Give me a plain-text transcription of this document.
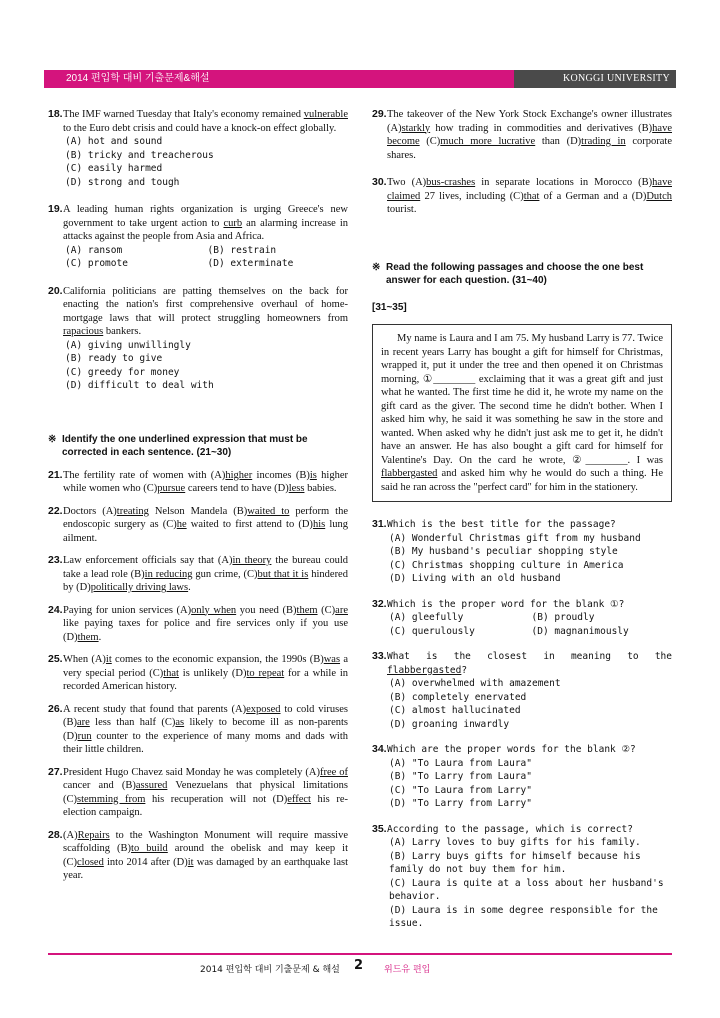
2014 편입학 대비 기출문제&해설	KONGGI UNIVERSITY
18. The IMF warned Tuesday that Italy's economy remained vulnerable to the Euro debt crisis and could have a knock-on effect globally.
(A) hot and sound
(B) tricky and treacherous
(C) easily harmed
(D) strong and tough
19. A leading human rights organization is urging Greece's new government to take urgent action to curb an alarming increase in attacks against the people from Asia and Africa.
(A) ransom	(B) restrain
(C) promote	(D) exterminate
20. California politicians are patting themselves on the back for enacting the nation's first comprehensive overhaul of home-mortgage laws that will protect struggling homeowners from rapacious bankers.
(A) giving unwillingly
(B) ready to give
(C) greedy for money
(D) difficult to deal with
※ Identify the one underlined expression that must be corrected in each sentence. (21~30)
21. The fertility rate of women with (A)higher incomes (B)is higher while women who (C)pursue careers tend to have (D)less babies.
22. Doctors (A)treating Nelson Mandela (B)waited to perform the endoscopic surgery as (C)he waited to first attend to (D)his lung ailment.
23. Law enforcement officials say that (A)in theory the bureau could take a lead role (B)in reducing gun crime, (C)but that it is hindered by (D)politically driving laws.
24. Paying for union services (A)only when you need (B)them (C)are like paying taxes for police and fire services only if you use (D)them.
25. When (A)it comes to the economic expansion, the 1990s (B)was a very special period (C)that is unlikely (D)to repeat for a while in recorded American history.
26. A recent study that found that parents (A)exposed to cold viruses (B)are less than half (C)as likely to become ill as non-parents (D)run counter to the experience of many moms and dads with their little children.
27. President Hugo Chavez said Monday he was completely (A)free of cancer and (B)assured Venezuelans that physical limitations (C)stemming from his recuperation will not (D)effect his re-election campaign.
28. (A)Repairs to the Washington Monument will require massive scaffolding (B)to build around the obelisk and may keep it (C)closed into 2014 after (D)it was damaged by an earthquake last year.
29. The takeover of the New York Stock Exchange's owner illustrates (A)starkly how trading in commodities and derivatives (B)have become (C)much more lucrative than (D)trading in corporate shares.
30. Two (A)bus-crashes in separate locations in Morocco (B)have claimed 27 lives, including (C)that of a German and a (D)Dutch tourist.
※ Read the following passages and choose the one best answer for each question. (31~40)
[31~35]

My name is Laura and I am 75. My husband Larry is 77. Twice in recent years Larry has bought a gift for himself for Christmas, wrapped it, put it under the tree and then opened it on Christmas morning, ①________ exclaiming that it was a great gift and just what he wanted. The first time he did it, he wrote my name on the gift card as the giver. The second time he didn't bother. When I asked him why, he said it was something he saw in the store and wanted. When asked why he didn't just ask me to get it, he didn't have an answer. He has also bought a gift card for himself for Valentine's Day. On the card he wrote, ②________. I was flabbergasted and asked him why he would do such a thing. He said he ran across the "perfect card" for him in the stationery.

31. Which is the best title for the passage?
(A) Wonderful Christmas gift from my husband
(B) My husband's peculiar shopping style
(C) Christmas shopping culture in America
(D) Living with an old husband
32. Which is the proper word for the blank ①?
(A) gleefully	(B) proudly
(C) querulously	(D) magnanimously
33. What is the closest in meaning to the flabbergasted?
(A) overwhelmed with amazement
(B) completely enervated
(C) almost hallucinated
(D) groaning inwardly
34. Which are the proper words for the blank ②?
(A) "To Laura from Laura"
(B) "To Larry from Laura"
(C) "To Laura from Larry"
(D) "To Larry from Larry"
35. According to the passage, which is correct?
(A) Larry loves to buy gifts for his family.
(B) Larry buys gifts for himself because his family do not buy them for him.
(C) Laura is quite at a loss about her husband's behavior.
(D) Laura is in some degree responsible for the issue.
2014 편입학 대비 기출문제 & 해설 2 위드유 편입
